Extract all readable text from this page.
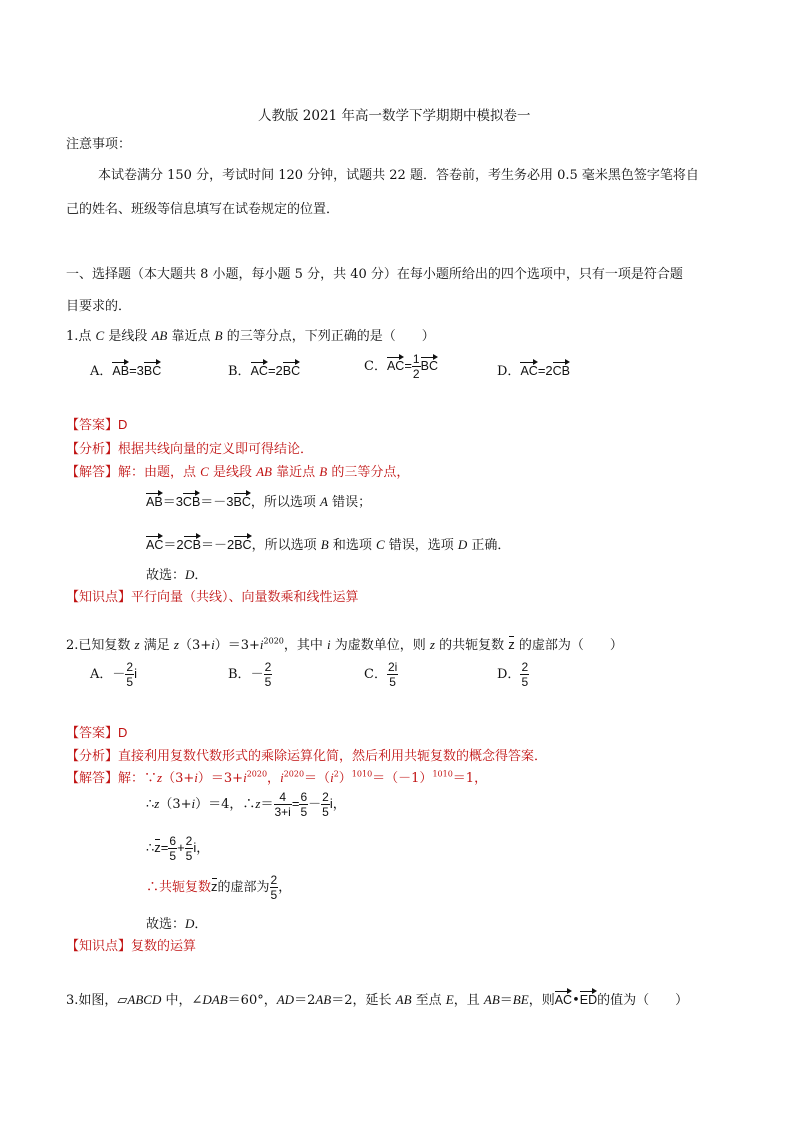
人教版 2021 年高一数学下学期期中模拟卷一
注意事项：
本试卷满分 150 分，考试时间 120 分钟，试题共 22 题．答卷前，考生务必用 0.5 毫米黑色签字笔将自
己的姓名、班级等信息填写在试卷规定的位置．
一、选择题（本大题共 8 小题，每小题 5 分，共 40 分）在每小题所给出的四个选项中，只有一项是符合题
目要求的．
1.点 C 是线段 AB 靠近点 B 的三等分点，下列正确的是（　　）
A．AB=3BC	B．AC=2BC	C．$AC= \frac{1}{2}$ BC	D．AC=2CB
【答案】D
【分析】根据共线向量的定义即可得结论．
【解答】解：由题，点 C 是线段 AB 靠近点 B 的三等分点，
AB＝3CB＝－3BC，所以选项 A 错误；
AC＝2CB＝－2BC，所以选项 B 和选项 C 错误，选项 D 正确．
故选：D．
【知识点】平行向量（共线）、向量数乘和线性运算
2.已知复数 z 满足 $z(3+i)=3+i^{2020}$，其中 i 为虚数单位，则 z 的共轭复数 z 的虚部为（　　）
A．－ $\frac{2}{5}$ i	B．－ $\frac{2}{5}$	C． $\frac{2i}{5}$	D． $\frac{2}{5}$
【答案】D
【分析】直接利用复数代数形式的乘除运算化简，然后利用共轭复数的概念得答案．
【解答】解：$\because z(3+i)=3+i^{2020}$，$i^{2020}=(i^2)^{1010}=(-1)^{1010}=1$，
∴z（3+i）＝4，∴z＝ $\frac{4}{3+i} = \frac{6}{5} - \frac{2}{5}$ i，
∴z= $\frac{6}{5} + \frac{2}{5}$ i，
∴共轭复数z的虚部为 $\frac{2}{5}$ ，
故选：D．
【知识点】复数的运算
3.如图，▱ABCD 中，∠DAB＝60°，AD＝2AB＝2，延长 AB 至点 E，且 AB＝BE，则AC•ED的值为（　　）
